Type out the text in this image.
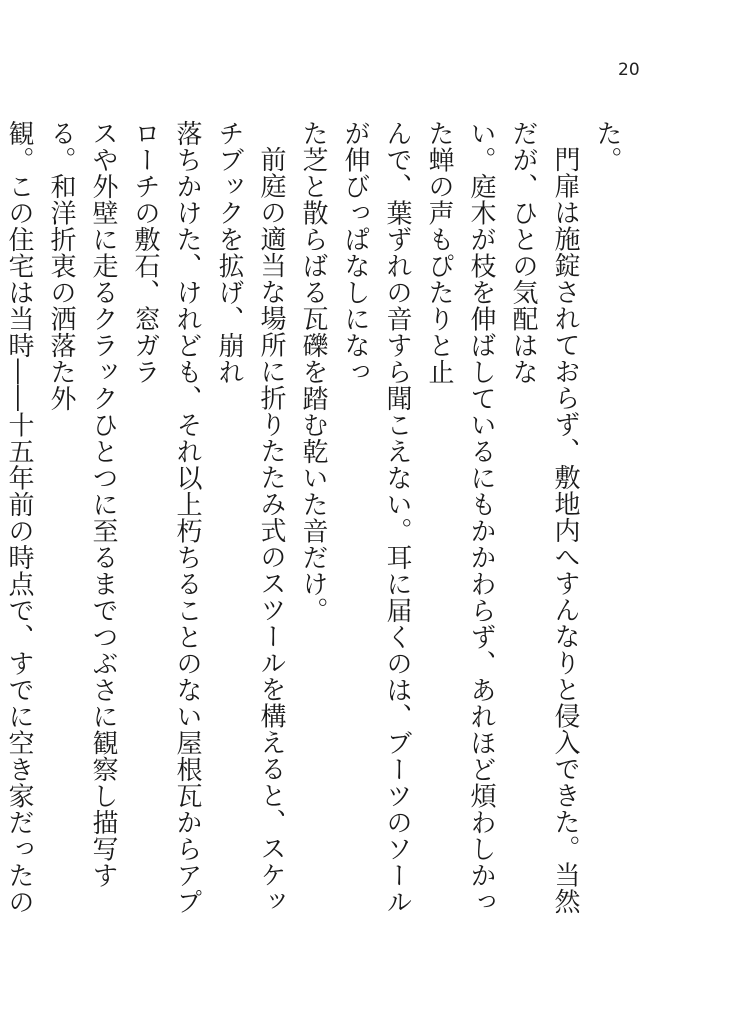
20

た。

門扉は施錠されておらず、敷地内へすんなりと侵入できた。当然だが、ひとの気配はな

い。庭木が枝を伸ばしているにもかかわらず、あれほど煩わしかった蝉の声もぴたりと止

んで、葉ずれの音すら聞こえない。耳に届くのは、ブーツのソールが伸びっぱなしになっ

た芝と散らばる瓦礫を踏む乾いた音だけ。

前庭の適当な場所に折りたたみ式のスツールを構えると、スケッチブックを拡げ、崩れ

落ちかけた、けれども、それ以上朽ちることのない屋根瓦からアプローチの敷石、窓ガラ

スや外壁に走るクラックひとつに至るまでつぶさに観察し描写する。和洋折衷の洒落た外

観。この住宅は当時――十五年前の時点で、すでに空き家だったの
